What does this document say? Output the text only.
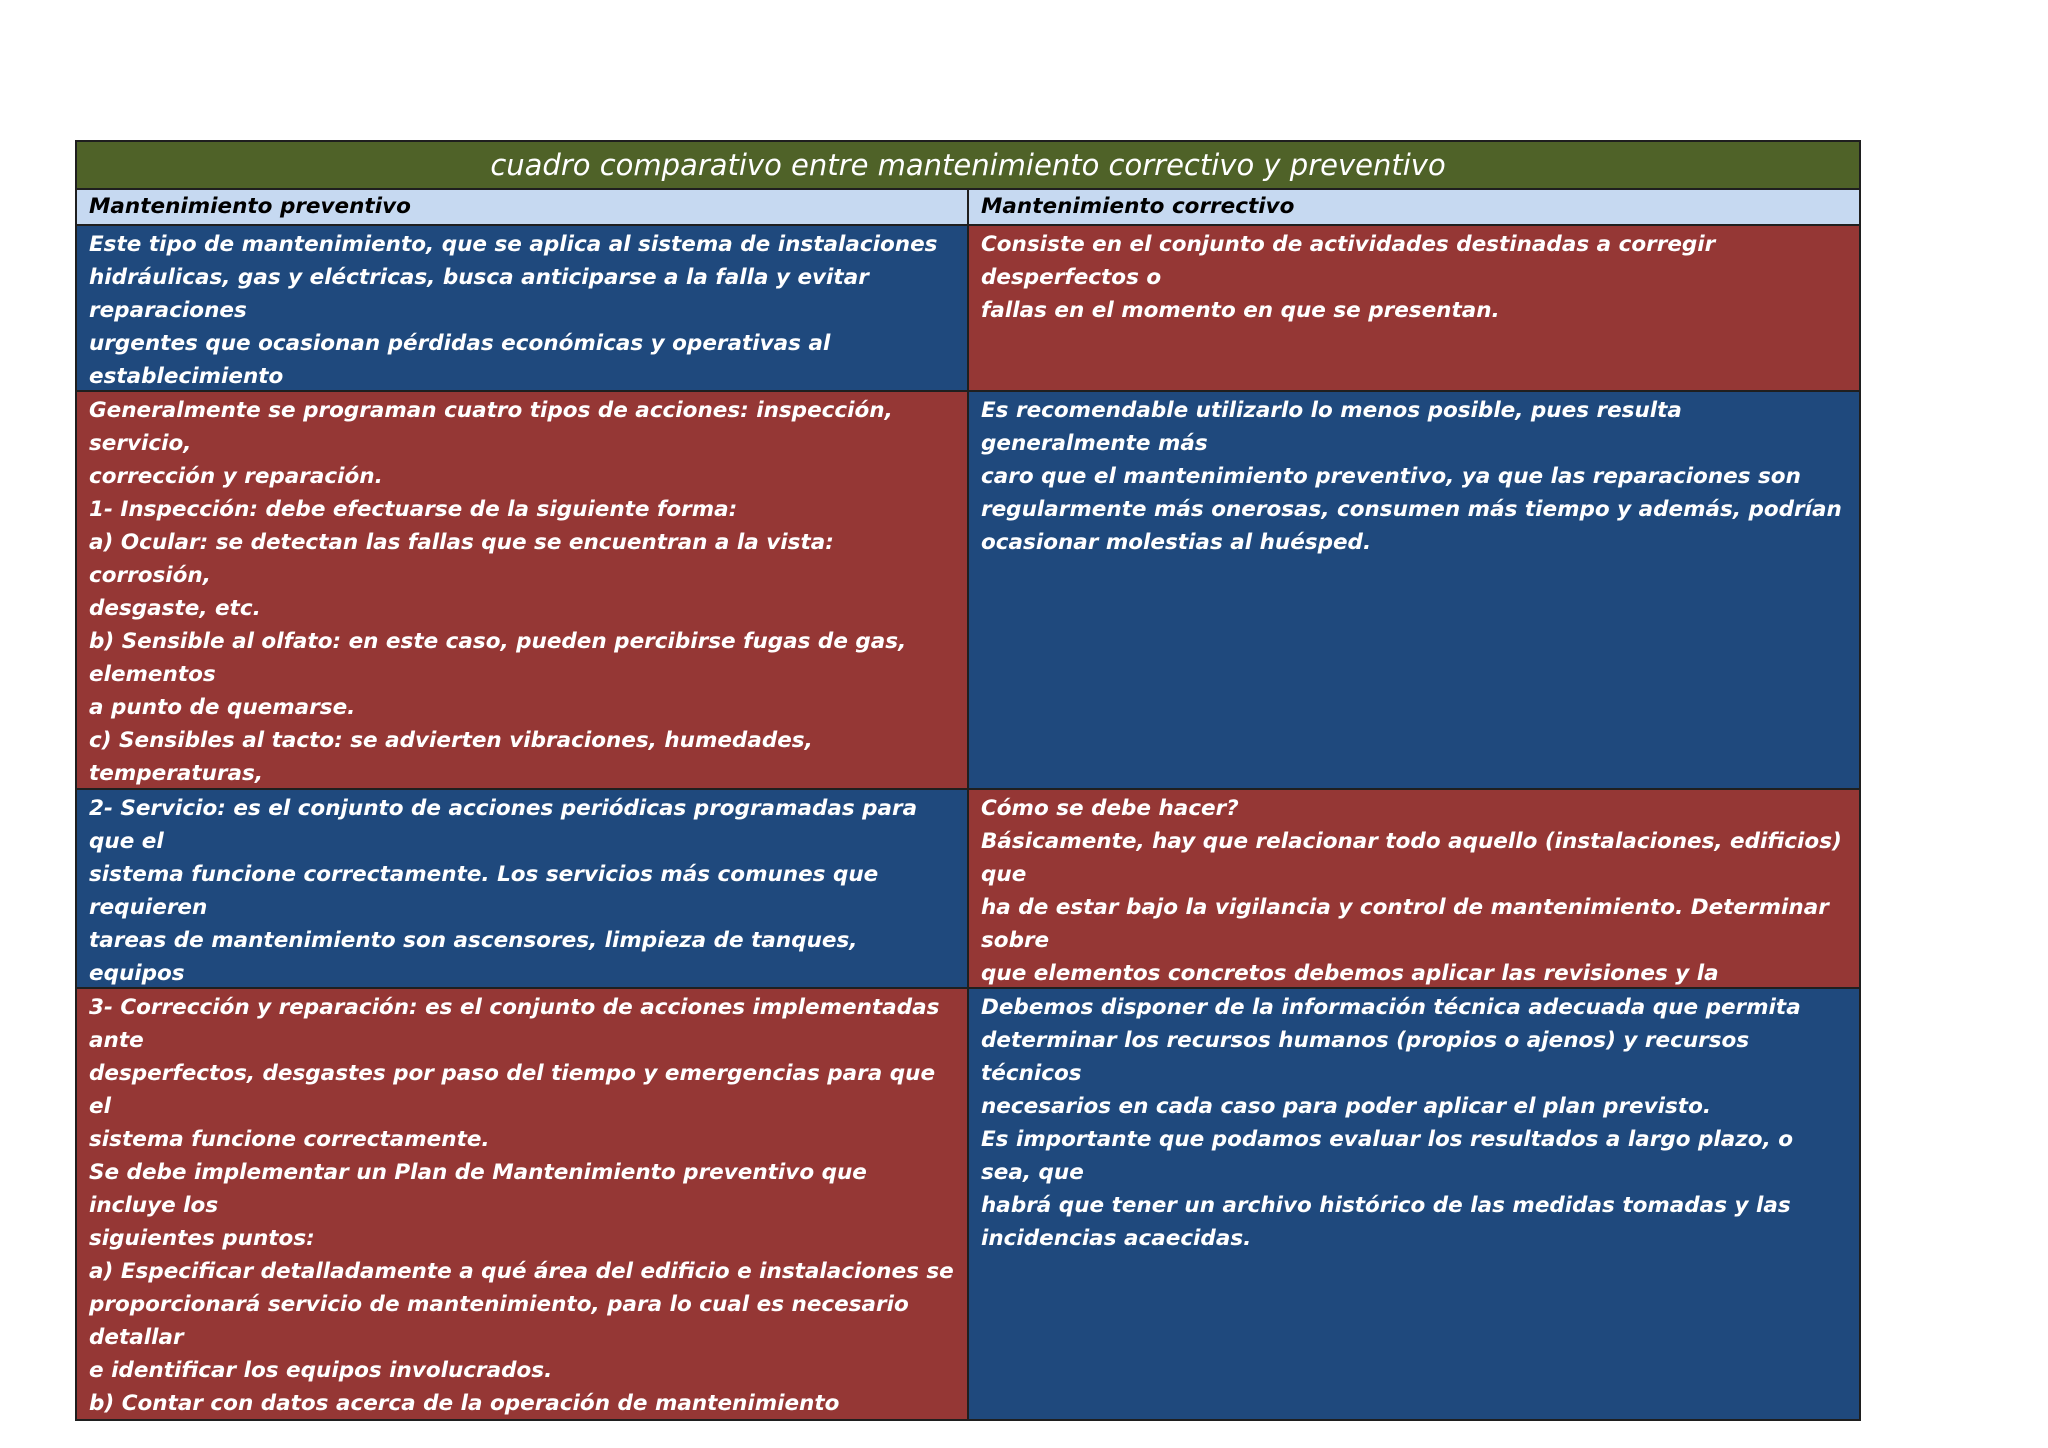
cuadro comparativo entre mantenimiento correctivo y preventivo
Mantenimiento preventivo	Mantenimiento correctivo
Este tipo de mantenimiento, que se aplica al sistema de instalaciones
hidráulicas, gas y eléctricas, busca anticiparse a la falla y evitar reparaciones
urgentes que ocasionan pérdidas económicas y operativas al establecimiento
Consiste en el conjunto de actividades destinadas a corregir desperfectos o
fallas en el momento en que se presentan.
Generalmente se programan cuatro tipos de acciones: inspección, servicio,
corrección y reparación.
1- Inspección: debe efectuarse de la siguiente forma:
a) Ocular: se detectan las fallas que se encuentran a la vista: corrosión,
desgaste, etc.
b) Sensible al olfato: en este caso, pueden percibirse fugas de gas, elementos
a punto de quemarse.
c) Sensibles al tacto: se advierten vibraciones, humedades, temperaturas,
Es recomendable utilizarlo lo menos posible, pues resulta generalmente más
caro que el mantenimiento preventivo, ya que las reparaciones son
regularmente más onerosas, consumen más tiempo y además, podrían
ocasionar molestias al huésped.
2- Servicio: es el conjunto de acciones periódicas programadas para que el
sistema funcione correctamente. Los servicios más comunes que requieren
tareas de mantenimiento son ascensores, limpieza de tanques, equipos
Cómo se debe hacer?
Básicamente, hay que relacionar todo aquello (instalaciones, edificios) que
ha de estar bajo la vigilancia y control de mantenimiento. Determinar sobre
que elementos concretos debemos aplicar las revisiones y la
3- Corrección y reparación: es el conjunto de acciones implementadas ante
desperfectos, desgastes por paso del tiempo y emergencias para que el
sistema funcione correctamente.
Se debe implementar un Plan de Mantenimiento preventivo que incluye los
siguientes puntos:
a) Especificar detalladamente a qué área del edificio e instalaciones se
proporcionará servicio de mantenimiento, para lo cual es necesario detallar
e identificar los equipos involucrados.
b) Contar con datos acerca de la operación de mantenimiento
Debemos disponer de la información técnica adecuada que permita
determinar los recursos humanos (propios o ajenos) y recursos técnicos
necesarios en cada caso para poder aplicar el plan previsto.
Es importante que podamos evaluar los resultados a largo plazo, o sea, que
habrá que tener un archivo histórico de las medidas tomadas y las
incidencias acaecidas.
